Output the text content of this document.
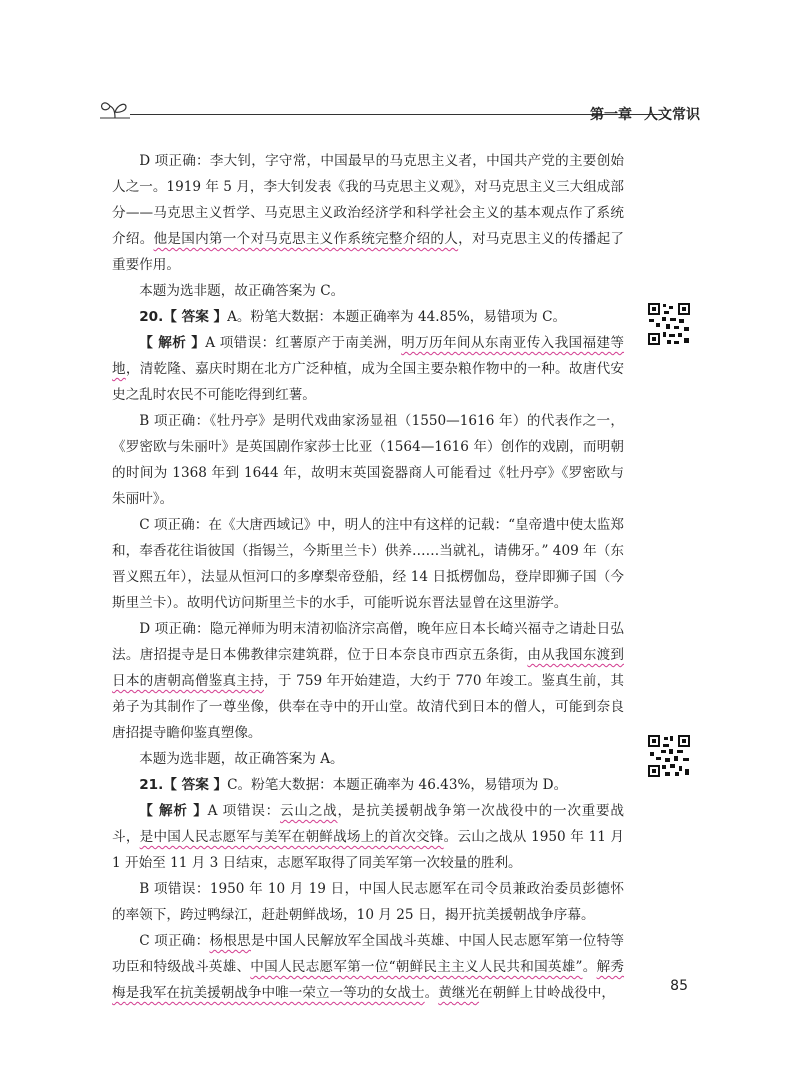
第一章 人文常识

D 项正确：李大钊，字守常，中国最早的马克思主义者，中国共产党的主要创始人之一。1919 年 5 月，李大钊发表《我的马克思主义观》，对马克思主义三大组成部分——马克思主义哲学、马克思主义政治经济学和科学社会主义的基本观点作了系统介绍。他是国内第一个对马克思主义作系统完整介绍的人，对马克思主义的传播起了重要作用。

本题为选非题，故正确答案为 C。

20.【 答案 】A。粉笔大数据：本题正确率为 44.85%，易错项为 C。

【 解析 】A 项错误：红薯原产于南美洲，明万历年间从东南亚传入我国福建等地，清乾隆、嘉庆时期在北方广泛种植，成为全国主要杂粮作物中的一种。故唐代安史之乱时农民不可能吃得到红薯。

B 项正确：《牡丹亭》是明代戏曲家汤显祖（1550—1616 年）的代表作之一，《罗密欧与朱丽叶》是英国剧作家莎士比亚（1564—1616 年）创作的戏剧，而明朝的时间为 1368 年到 1644 年，故明末英国瓷器商人可能看过《牡丹亭》《罗密欧与朱丽叶》。

C 项正确：在《大唐西域记》中，明人的注中有这样的记载：“皇帝遣中使太监郑和，奉香花往诣彼国（指锡兰，今斯里兰卡）供养……当就礼，请佛牙。” 409 年（东晋义熙五年），法显从恒河口的多摩梨帝登船，经 14 日抵楞伽岛，登岸即狮子国（今斯里兰卡）。故明代访问斯里兰卡的水手，可能听说东晋法显曾在这里游学。

D 项正确：隐元禅师为明末清初临济宗高僧，晚年应日本长崎兴福寺之请赴日弘法。唐招提寺是日本佛教律宗建筑群，位于日本奈良市西京五条街，由从我国东渡到日本的唐朝高僧鉴真主持，于 759 年开始建造，大约于 770 年竣工。鉴真生前，其弟子为其制作了一尊坐像，供奉在寺中的开山堂。故清代到日本的僧人，可能到奈良唐招提寺瞻仰鉴真塑像。

本题为选非题，故正确答案为 A。

21.【 答案 】C。粉笔大数据：本题正确率为 46.43%，易错项为 D。

【 解析 】A 项错误：云山之战，是抗美援朝战争第一次战役中的一次重要战斗，是中国人民志愿军与美军在朝鲜战场上的首次交锋。云山之战从 1950 年 11 月 1 开始至 11 月 3 日结束，志愿军取得了同美军第一次较量的胜利。

B 项错误：1950 年 10 月 19 日，中国人民志愿军在司令员兼政治委员彭德怀的率领下，跨过鸭绿江，赶赴朝鲜战场，10 月 25 日，揭开抗美援朝战争序幕。

C 项正确：杨根思是中国人民解放军全国战斗英雄、中国人民志愿军第一位特等功臣和特级战斗英雄、中国人民志愿军第一位“朝鲜民主主义人民共和国英雄”。解秀梅是我军在抗美援朝战争中唯一荣立一等功的女战士。黄继光在朝鲜上甘岭战役中，	85
